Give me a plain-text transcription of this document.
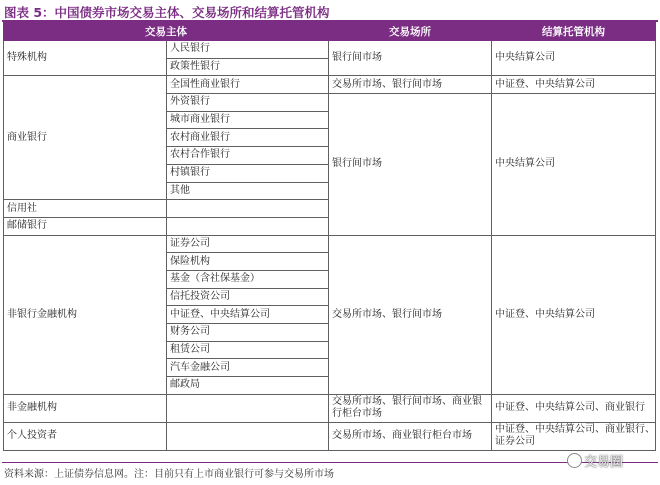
图表 5：中国债券市场交易主体、交易场所和结算托管机构
交易主体		交易场所	结算托管机构
特殊机构	人民银行	银行间市场	中央结算公司
	政策性银行		
商业银行	全国性商业银行	交易所市场、银行间市场	中证登、中央结算公司
	外资银行	银行间市场	中央结算公司
	城市商业银行		
	农村商业银行		
	农村合作银行		
	村镇银行		
	其他		
信用社			
邮储银行			
非银行金融机构	证券公司	交易所市场、银行间市场	中证登、中央结算公司
	保险机构		
	基金（含社保基金）		
	信托投资公司		
	中证登、中央结算公司		
	财务公司		
	租赁公司		
	汽车金融公司		
	邮政局		
非金融机构		交易所市场、银行间市场、商业银行柜台市场	中证登、中央结算公司、商业银行
个人投资者		交易所市场、商业银行柜台市场	中证登、中央结算公司、商业银行、证券公司
资料来源：上证债券信息网。注：目前只有上市商业银行可参与交易所市场
交易圈
